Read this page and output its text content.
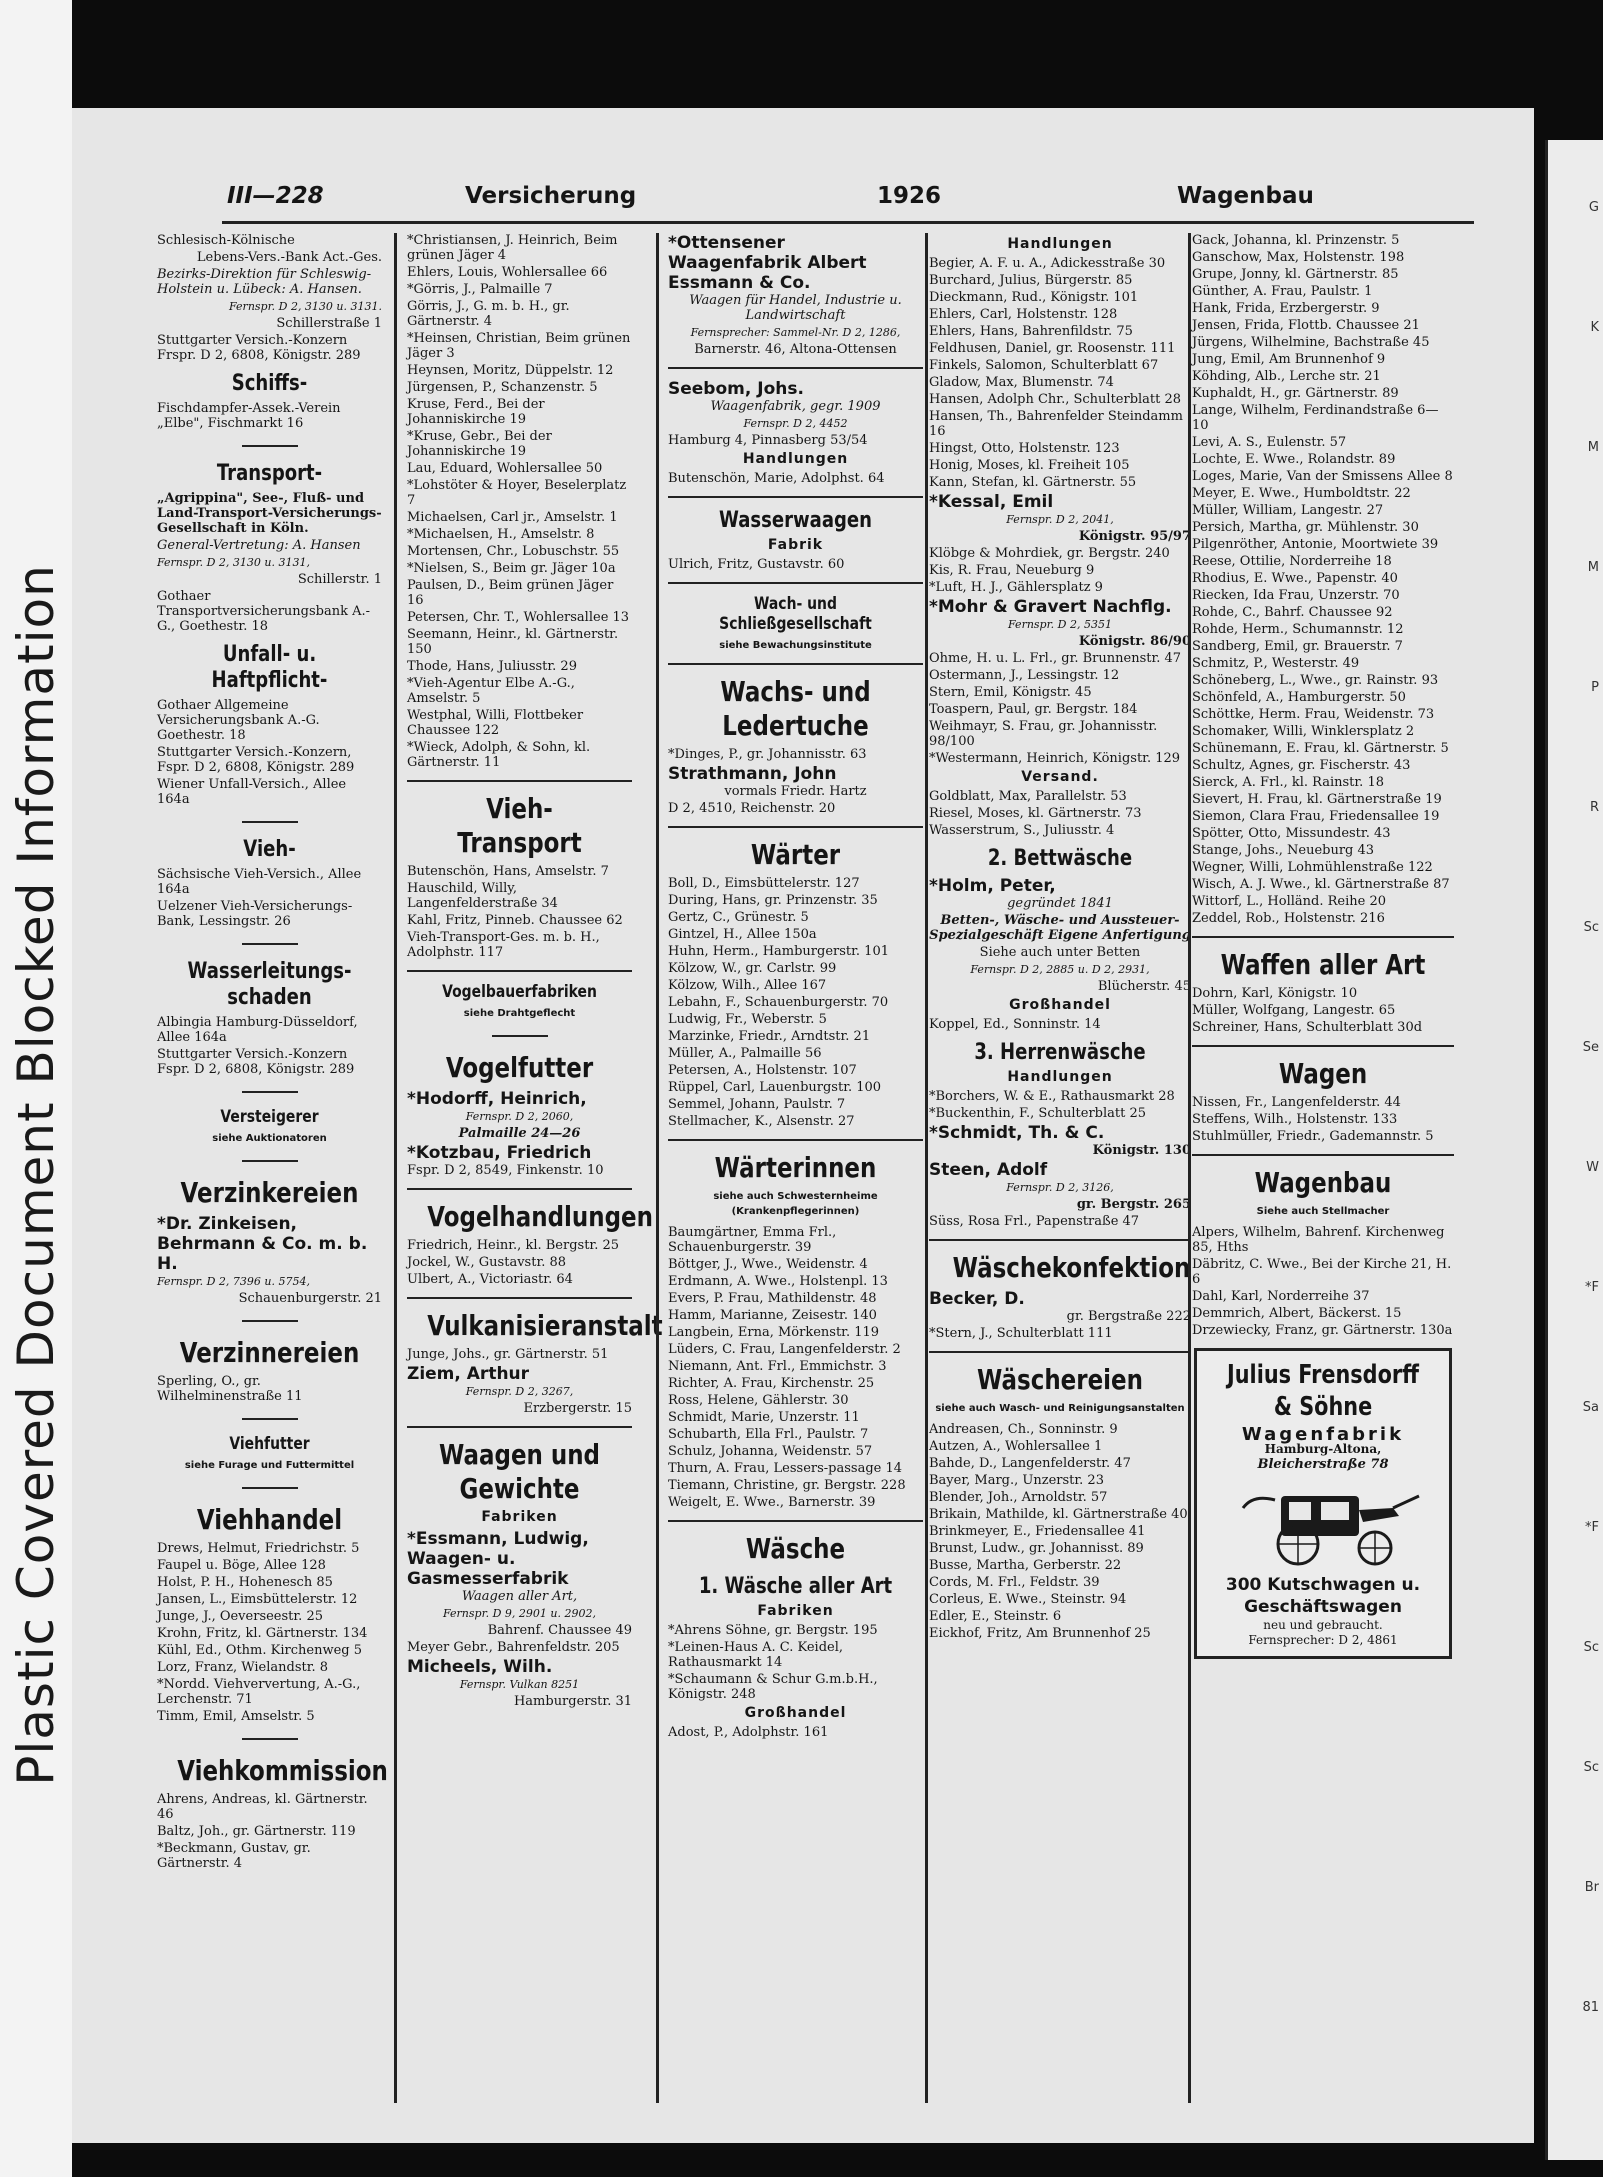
Plastic Covered Document Blocked Information
III—228	Versicherung	1926	Wagenbau
Schlesisch-Kölnische
Lebens-Vers.-Bank Act.-Ges.
Bezirks-Direktion für Schleswig-Holstein u. Lübeck: A. Hansen.
Fernspr. D 2, 3130 u. 3131.
Schillerstraße 1
Stuttgarter Versich.-Konzern Frspr. D 2, 6808, Königstr. 289
Schiffs-
Fischdampfer-Assek.-Verein „Elbe", Fischmarkt 16
Transport-
„Agrippina", See-, Fluß- und Land-Transport-Versicherungs-Gesellschaft in Köln.
General-Vertretung: A. Hansen
Fernspr. D 2, 3130 u. 3131,
Schillerstr. 1
Gothaer Transportversicherungsbank A.-G., Goethestr. 18
Unfall- u. Haftpflicht-
Gothaer Allgemeine Versicherungsbank A.-G. Goethestr. 18
Stuttgarter Versich.-Konzern, Fspr. D 2, 6808, Königstr. 289
Wiener Unfall-Versich., Allee 164a
Vieh-
Sächsische Vieh-Versich., Allee 164a
Uelzener Vieh-Versicherungs-Bank, Lessingstr. 26
Wasserleitungs-schaden
Albingia Hamburg-Düsseldorf, Allee 164a
Stuttgarter Versich.-Konzern Fspr. D 2, 6808, Königstr. 289
Versteigerer
siehe Auktionatoren
Verzinkereien
*Dr. Zinkeisen, Behrmann & Co. m. b. H.
Fernspr. D 2, 7396 u. 5754,
Schauenburgerstr. 21
Verzinnereien
Sperling, O., gr. Wilhelminenstraße 11
Viehfutter
siehe Furage und Futtermittel
Viehhandel
Drews, Helmut, Friedrichstr. 5
Faupel u. Böge, Allee 128
Holst, P. H., Hohenesch 85
Jansen, L., Eimsbüttelerstr. 12
Junge, J., Oeverseestr. 25
Krohn, Fritz, kl. Gärtnerstr. 134
Kühl, Ed., Othm. Kirchenweg 5
Lorz, Franz, Wielandstr. 8
*Nordd. Viehververtung, A.-G., Lerchenstr. 71
Timm, Emil, Amselstr. 5
Viehkommission
Ahrens, Andreas, kl. Gärtnerstr. 46
Baltz, Joh., gr. Gärtnerstr. 119
*Beckmann, Gustav, gr. Gärtnerstr. 4
*Christiansen, J. Heinrich, Beim grünen Jäger 4
Ehlers, Louis, Wohlersallee 66
*Görris, J., Palmaille 7
Görris, J., G. m. b. H., gr. Gärtnerstr. 4
*Heinsen, Christian, Beim grünen Jäger 3
Heynsen, Moritz, Düppelstr. 12
Jürgensen, P., Schanzenstr. 5
Kruse, Ferd., Bei der Johanniskirche 19
*Kruse, Gebr., Bei der Johanniskirche 19
Lau, Eduard, Wohlersallee 50
*Lohstöter & Hoyer, Beselerplatz 7
Michaelsen, Carl jr., Amselstr. 1
*Michaelsen, H., Amselstr. 8
Mortensen, Chr., Lobuschstr. 55
*Nielsen, S., Beim gr. Jäger 10a
Paulsen, D., Beim grünen Jäger 16
Petersen, Chr. T., Wohlersallee 13
Seemann, Heinr., kl. Gärtnerstr. 150
Thode, Hans, Juliusstr. 29
*Vieh-Agentur Elbe A.-G., Amselstr. 5
Westphal, Willi, Flottbeker Chaussee 122
*Wieck, Adolph, & Sohn, kl. Gärtnerstr. 11
Vieh-Transport
Butenschön, Hans, Amselstr. 7
Hauschild, Willy, Langenfelderstraße 34
Kahl, Fritz, Pinneb. Chaussee 62
Vieh-Transport-Ges. m. b. H., Adolphstr. 117
Vogelbauerfabriken
siehe Drahtgeflecht
Vogelfutter
*Hodorff, Heinrich,
Fernspr. D 2, 2060,
Palmaille 24—26
*Kotzbau, Friedrich
Fspr. D 2, 8549, Finkenstr. 10
Vogelhandlungen
Friedrich, Heinr., kl. Bergstr. 25
Jockel, W., Gustavstr. 88
Ulbert, A., Victoriastr. 64
Vulkanisieranstalt
Junge, Johs., gr. Gärtnerstr. 51
Ziem, Arthur
Fernspr. D 2, 3267,
Erzbergerstr. 15
Waagen und Gewichte
Fabriken
*Essmann, Ludwig, Waagen- u. Gasmesserfabrik
Waagen aller Art,
Fernspr. D 9, 2901 u. 2902,
Bahrenf. Chaussee 49
Meyer Gebr., Bahrenfeldstr. 205
Micheels, Wilh.
Fernspr. Vulkan 8251
Hamburgerstr. 31
*Ottensener Waagenfabrik Albert Essmann & Co.
Waagen für Handel, Industrie u. Landwirtschaft
Fernsprecher: Sammel-Nr. D 2, 1286,
Barnerstr. 46, Altona-Ottensen
Seebom, Johs.
Waagenfabrik, gegr. 1909
Fernspr. D 2, 4452
Hamburg 4, Pinnasberg 53/54
Handlungen
Butenschön, Marie, Adolphst. 64
Wasserwaagen
Fabrik
Ulrich, Fritz, Gustavstr. 60
Wach- und Schließgesellschaft
siehe Bewachungsinstitute
Wachs- und Ledertuche
*Dinges, P., gr. Johannisstr. 63
Strathmann, John
vormals Friedr. Hartz
D 2, 4510, Reichenstr. 20
Wärter
Boll, D., Eimsbüttelerstr. 127
During, Hans, gr. Prinzenstr. 35
Gertz, C., Grünestr. 5
Gintzel, H., Allee 150a
Huhn, Herm., Hamburgerstr. 101
Kölzow, W., gr. Carlstr. 99
Kölzow, Wilh., Allee 167
Lebahn, F., Schauenburgerstr. 70
Ludwig, Fr., Weberstr. 5
Marzinke, Friedr., Arndtstr. 21
Müller, A., Palmaille 56
Petersen, A., Holstenstr. 107
Rüppel, Carl, Lauenburgstr. 100
Semmel, Johann, Paulstr. 7
Stellmacher, K., Alsenstr. 27
Wärterinnen
siehe auch Schwesternheime (Krankenpflegerinnen)
Baumgärtner, Emma Frl., Schauenburgerstr. 39
Böttger, J., Wwe., Weidenstr. 4
Erdmann, A. Wwe., Holstenpl. 13
Evers, P. Frau, Mathildenstr. 48
Hamm, Marianne, Zeisestr. 140
Langbein, Erna, Mörkenstr. 119
Lüders, C. Frau, Langenfelderstr. 2
Niemann, Ant. Frl., Emmichstr. 3
Richter, A. Frau, Kirchenstr. 25
Ross, Helene, Gählerstr. 30
Schmidt, Marie, Unzerstr. 11
Schubarth, Ella Frl., Paulstr. 7
Schulz, Johanna, Weidenstr. 57
Thurn, A. Frau, Lessers-passage 14
Tiemann, Christine, gr. Bergstr. 228
Weigelt, E. Wwe., Barnerstr. 39
Wäsche
1. Wäsche aller Art
Fabriken
*Ahrens Söhne, gr. Bergstr. 195
*Leinen-Haus A. C. Keidel, Rathausmarkt 14
*Schaumann & Schur G.m.b.H., Königstr. 248
Großhandel
Adost, P., Adolphstr. 161
Handlungen
Begier, A. F. u. A., Adickesstraße 30
Burchard, Julius, Bürgerstr. 85
Dieckmann, Rud., Königstr. 101
Ehlers, Carl, Holstenstr. 128
Ehlers, Hans, Bahrenfildstr. 75
Feldhusen, Daniel, gr. Roosenstr. 111
Finkels, Salomon, Schulterblatt 67
Gladow, Max, Blumenstr. 74
Hansen, Adolph Chr., Schulterblatt 28
Hansen, Th., Bahrenfelder Steindamm 16
Hingst, Otto, Holstenstr. 123
Honig, Moses, kl. Freiheit 105
Kann, Stefan, kl. Gärtnerstr. 55
*Kessal, Emil
Fernspr. D 2, 2041,
Königstr. 95/97
Klöbge & Mohrdiek, gr. Bergstr. 240
Kis, R. Frau, Neueburg 9
*Luft, H. J., Gählersplatz 9
*Mohr & Gravert Nachflg.
Fernspr. D 2, 5351
Königstr. 86/90
Ohme, H. u. L. Frl., gr. Brunnenstr. 47
Ostermann, J., Lessingstr. 12
Stern, Emil, Königstr. 45
Toaspern, Paul, gr. Bergstr. 184
Weihmayr, S. Frau, gr. Johannisstr. 98/100
*Westermann, Heinrich, Königstr. 129
Versand.
Goldblatt, Max, Parallelstr. 53
Riesel, Moses, kl. Gärtnerstr. 73
Wasserstrum, S., Juliusstr. 4
2. Bettwäsche
*Holm, Peter,
gegründet 1841
Betten-, Wäsche- und Aussteuer-Spezialgeschäft Eigene Anfertigung
Siehe auch unter Betten
Fernspr. D 2, 2885 u. D 2, 2931,
Blücherstr. 45
Großhandel
Koppel, Ed., Sonninstr. 14
3. Herrenwäsche
Handlungen
*Borchers, W. & E., Rathausmarkt 28
*Buckenthin, F., Schulterblatt 25
*Schmidt, Th. & C.
Königstr. 130
Steen, Adolf
Fernspr. D 2, 3126,
gr. Bergstr. 265
Süss, Rosa Frl., Papenstraße 47
Wäschekonfektion
Becker, D.
gr. Bergstraße 222
*Stern, J., Schulterblatt 111
Wäschereien
siehe auch Wasch- und Reinigungsanstalten
Andreasen, Ch., Sonninstr. 9
Autzen, A., Wohlersallee 1
Bahde, D., Langenfelderstr. 47
Bayer, Marg., Unzerstr. 23
Blender, Joh., Arnoldstr. 57
Brikain, Mathilde, kl. Gärtnerstraße 40
Brinkmeyer, E., Friedensallee 41
Brunst, Ludw., gr. Johannisst. 89
Busse, Martha, Gerberstr. 22
Cords, M. Frl., Feldstr. 39
Corleus, E. Wwe., Steinstr. 94
Edler, E., Steinstr. 6
Eickhof, Fritz, Am Brunnenhof 25
Gack, Johanna, kl. Prinzenstr. 5
Ganschow, Max, Holstenstr. 198
Grupe, Jonny, kl. Gärtnerstr. 85
Günther, A. Frau, Paulstr. 1
Hank, Frida, Erzbergerstr. 9
Jensen, Frida, Flottb. Chaussee 21
Jürgens, Wilhelmine, Bachstraße 45
Jung, Emil, Am Brunnenhof 9
Köhding, Alb., Lerche str. 21
Kuphaldt, H., gr. Gärtnerstr. 89
Lange, Wilhelm, Ferdinandstraße 6—10
Levi, A. S., Eulenstr. 57
Lochte, E. Wwe., Rolandstr. 89
Loges, Marie, Van der Smissens Allee 8
Meyer, E. Wwe., Humboldtstr. 22
Müller, William, Langestr. 27
Persich, Martha, gr. Mühlenstr. 30
Pilgenröther, Antonie, Moortwiete 39
Reese, Ottilie, Norderreihe 18
Rhodius, E. Wwe., Papenstr. 40
Riecken, Ida Frau, Unzerstr. 70
Rohde, C., Bahrf. Chaussee 92
Rohde, Herm., Schumannstr. 12
Sandberg, Emil, gr. Brauerstr. 7
Schmitz, P., Westerstr. 49
Schöneberg, L., Wwe., gr. Rainstr. 93
Schönfeld, A., Hamburgerstr. 50
Schöttke, Herm. Frau, Weidenstr. 73
Schomaker, Willi, Winklersplatz 2
Schünemann, E. Frau, kl. Gärtnerstr. 5
Schultz, Agnes, gr. Fischerstr. 43
Sierck, A. Frl., kl. Rainstr. 18
Sievert, H. Frau, kl. Gärtnerstraße 19
Siemon, Clara Frau, Friedensallee 19
Spötter, Otto, Missundestr. 43
Stange, Johs., Neueburg 43
Wegner, Willi, Lohmühlenstraße 122
Wisch, A. J. Wwe., kl. Gärtnerstraße 87
Wittorf, L., Holländ. Reihe 20
Zeddel, Rob., Holstenstr. 216
Waffen aller Art
Dohrn, Karl, Königstr. 10
Müller, Wolfgang, Langestr. 65
Schreiner, Hans, Schulterblatt 30d
Wagen
Nissen, Fr., Langenfelderstr. 44
Steffens, Wilh., Holstenstr. 133
Stuhlmüller, Friedr., Gademannstr. 5
Wagenbau
Siehe auch Stellmacher
Alpers, Wilhelm, Bahrenf. Kirchenweg 85, Hths
Däbritz, C. Wwe., Bei der Kirche 21, H. 6
Dahl, Karl, Norderreihe 37
Demmrich, Albert, Bäckerst. 15
Drzewiecky, Franz, gr. Gärtnerstr. 130a
Julius Frensdorff & Söhne
Wagenfabrik
Hamburg-Altona,
Bleicherstraße 78
300 Kutschwagen u. Geschäftswagen
neu und gebraucht.
Fernsprecher: D 2, 4861
G
K
M
M
P
R
Sc
Se
W
*F
Sa
*F
Sc
Sc
Br
81
